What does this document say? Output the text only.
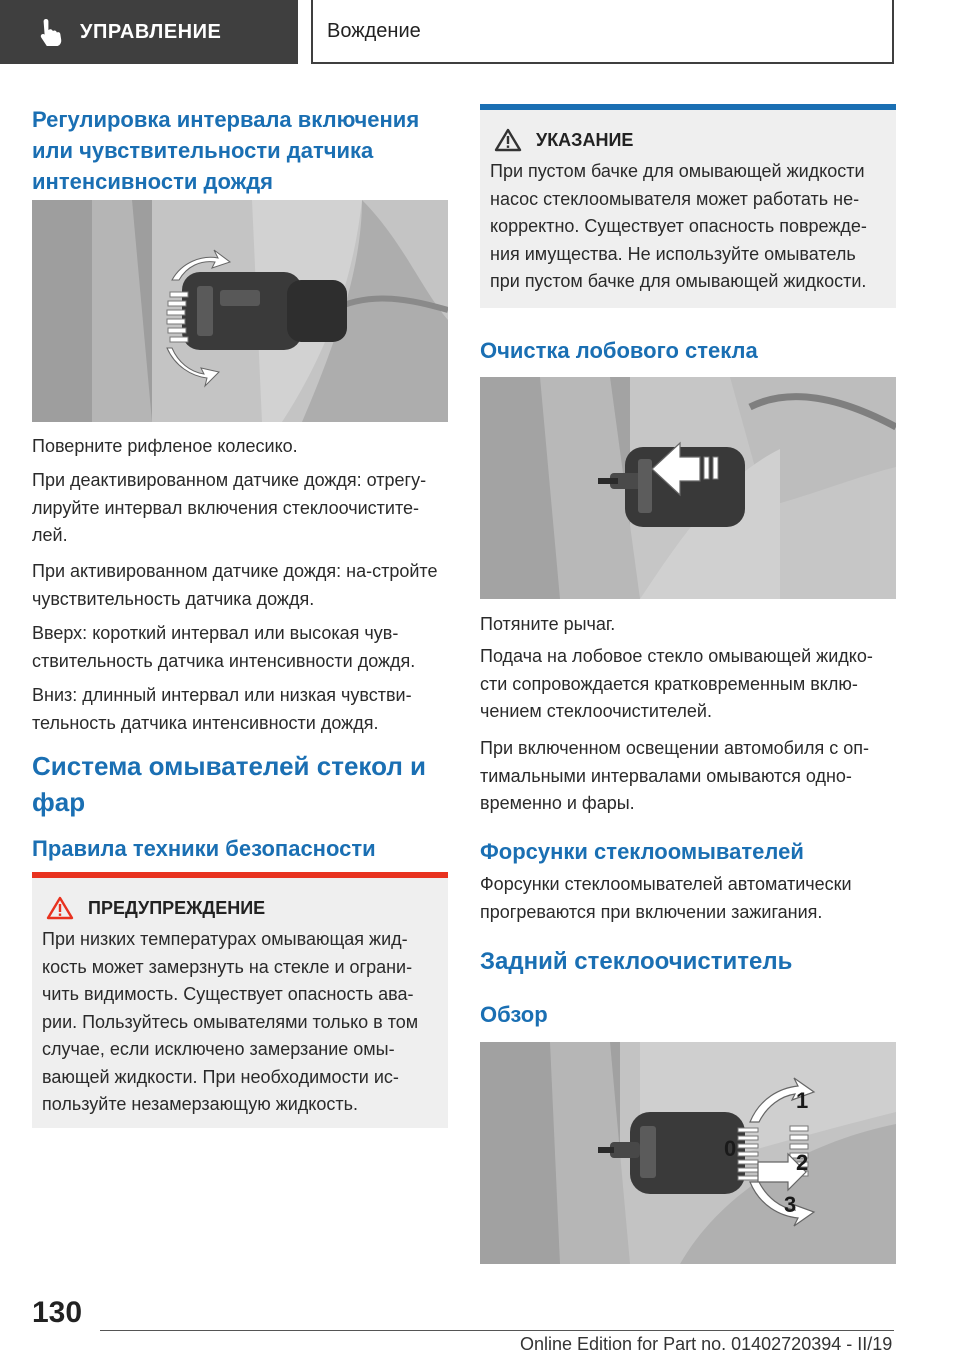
УПРАВЛЕНИЕ	Вождение
Регулировка интервала включения или чувствительности датчика интенсивности дождя

Поверните рифленое колесико.

При деактивированном датчике дождя: отрегу-лируйте интервал включения стеклоочистите-лей.

При активированном датчике дождя: на-стройте чувствительность датчика дождя.

Вверх: короткий интервал или высокая чув-ствительность датчика интенсивности дождя.

Вниз: длинный интервал или низкая чувстви-тельность датчика интенсивности дождя.

Система омывателей стекол и фар
Правила техники безопасности
ПРЕДУПРЕЖДЕНИЕ

При низких температурах омывающая жид-кость может замерзнуть на стекле и ограни-чить видимость. Существует опасность ава-рии. Пользуйтесь омывателями только в том случае, если исключено замерзание омы-вающей жидкости. При необходимости ис-пользуйте незамерзающую жидкость.

УКАЗАНИЕ

При пустом бачке для омывающей жидкости насос стеклоомывателя может работать не-корректно. Существует опасность поврежде-ния имущества. Не используйте омыватель при пустом бачке для омывающей жидкости.

Очистка лобового стекла

Потяните рычаг.

Подача на лобовое стекло омывающей жидко-сти сопровождается кратковременным вклю-чением стеклоочистителей.

При включенном освещении автомобиля с оп-тимальными интервалами омываются одно-временно и фары.

Форсунки стеклоомывателей

Форсунки стеклоомывателей автоматически прогреваются при включении зажигания.

Задний стеклоочиститель
Обзор
1
0
2
3
130
Online Edition for Part no. 01402720394 - II/19
